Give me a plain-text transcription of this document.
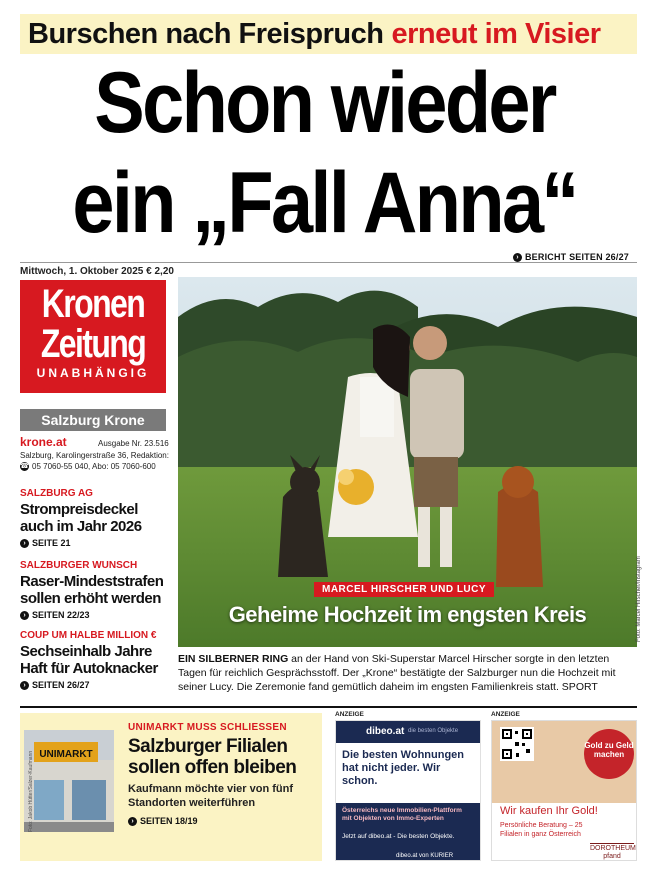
Burschen nach Freispruch erneut im Visier
Schon wieder
ein „Fall Anna“
› BERICHT SEITEN 26/27
Mittwoch, 1. Oktober 2025 € 2,20
Kronen
Zeitung
UNABHÄNGIG
Salzburg Krone
krone.at	Ausgabe Nr. 23.516
Salzburg, Karolingerstraße 36, Redaktion:
☎ 05 7060-55 040, Abo: 05 7060-600
SALZBURG AG
Strompreisdeckel auch im Jahr 2026
› SEITE 21
SALZBURGER WUNSCH
Raser-Mindeststrafen sollen erhöht werden
› SEITEN 22/23
COUP UM HALBE MILLION €
Sechseinhalb Jahre Haft für Autoknacker
› SEITEN 26/27
MARCEL HIRSCHER UND LUCY
Geheime Hochzeit im engsten Kreis	Foto: Marcel Hirscher/Instagram
EIN SILBERNER RING an der Hand von Ski-Superstar Marcel Hirscher sorgte in den letzten Tagen für reichlich Gesprächsstoff. Der „Krone“ bestätigte der Salzburger nun die Hochzeit mit seiner Lucy. Die Zeremonie fand gemütlich daheim im engsten Familienkreis statt. SPORT
UNIMARKT
Foto: Jakob Hütter/Salzer-Kaufmann
UNIMARKT MUSS SCHLIESSEN
Salzburger Filialen sollen offen bleiben
Kaufmann möchte vier von fünf Standorten weiterführen
› SEITEN 18/19
ANZEIGE
dibeo.at die besten Objekte
Die besten Wohnungen hat nicht jeder. Wir schon.
Österreichs neue Immobilien-Plattform mit Objekten von Immo-Experten
Jetzt auf dibeo.at - Die besten Objekte.
dibeo.at von KURIER
ANZEIGE
Gold zu Geld machen
Wir kaufen Ihr Gold!
Persönliche Beratung – 25 Filialen in ganz Österreich
DOROTHEUM pfand
